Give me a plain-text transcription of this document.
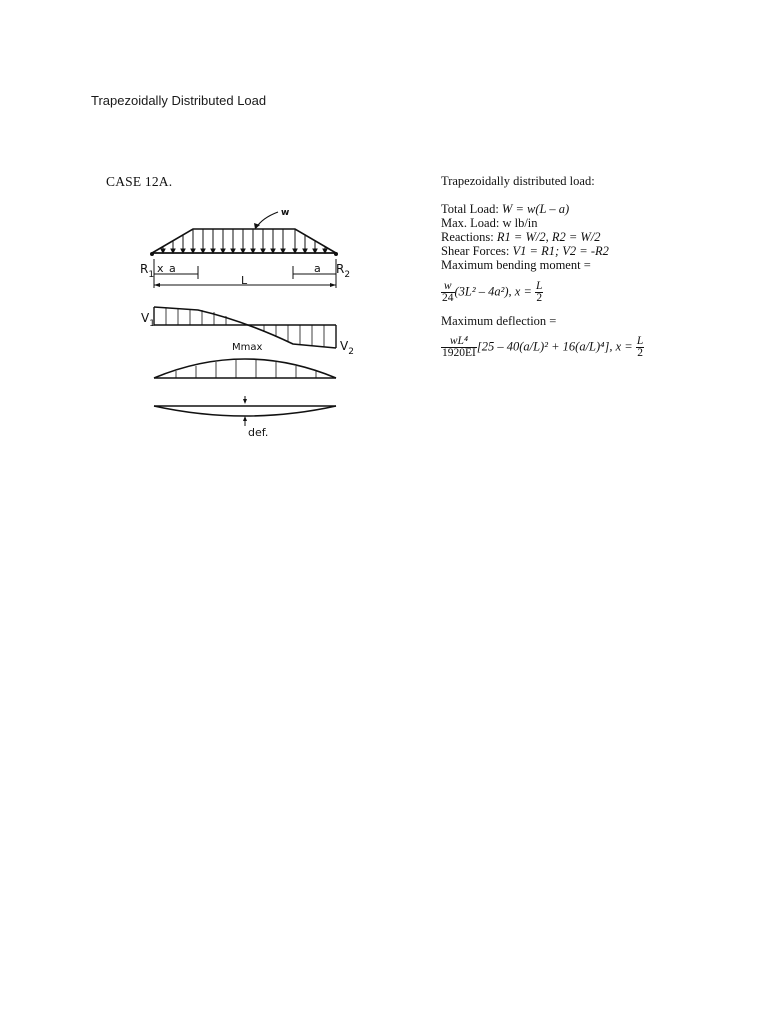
Trapezoidally Distributed Load
CASE 12A.
w
$R_1$	$R_2$
x a
L
a
$V_1$
$V_2$
Mmax
def.
Trapezoidally distributed load:
Total Load: W = w(L – a)
Max. Load: w lb/in
Reactions: R1 = W/2, R2 = W/2
Shear Forces: V1 = R1; V2 = -R2
Maximum bending moment =
$\frac{w}{24} (3L^2 - 4a^2)$, $x = \frac{L}{2}$
Maximum deflection =
$\frac{\text{wL⁴}}{1920EI} [25 - 40(a/L)^2 + 16(a/L)^4]$, $x = \frac{L}{2}$
